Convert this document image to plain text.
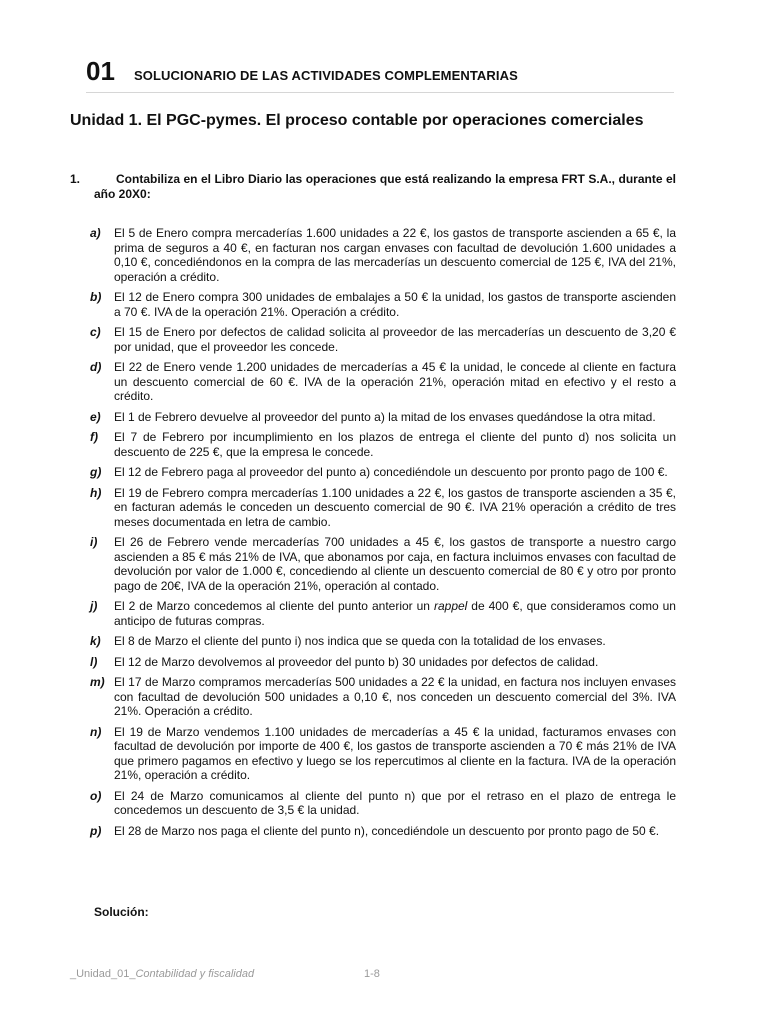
01 SOLUCIONARIO DE LAS ACTIVIDADES COMPLEMENTARIAS
Unidad 1. El PGC-pymes. El proceso contable por operaciones comerciales
1.	Contabiliza en el Libro Diario las operaciones que está realizando la empresa FRT S.A., durante el año 20X0:
a)	El 5 de Enero compra mercaderías 1.600 unidades a 22 €, los gastos de transporte ascienden a 65 €, la prima de seguros a 40 €, en facturan nos cargan envases con facultad de devolución 1.600 unidades a 0,10 €, concediéndonos en la compra de las mercaderías un descuento comercial de 125 €, IVA del 21%, operación a crédito.
b)	El 12 de Enero compra 300 unidades de embalajes a 50 € la unidad, los gastos de transporte ascienden a 70 €. IVA de la operación 21%. Operación a crédito.
c)	El 15 de Enero por defectos de calidad solicita al proveedor de las mercaderías un descuento de 3,20 € por unidad, que el proveedor les concede.
d)	El 22 de Enero vende 1.200 unidades de mercaderías a 45 € la unidad, le concede al cliente en factura un descuento comercial de 60 €. IVA de la operación 21%, operación mitad en efectivo y el resto a crédito.
e)	El 1 de Febrero devuelve al proveedor del punto a) la mitad de los envases quedándose la otra mitad.
f)	El 7 de Febrero por incumplimiento en los plazos de entrega el cliente del punto d) nos solicita un descuento de 225 €, que la empresa le concede.
g)	El 12 de Febrero paga al proveedor del punto a) concediéndole un descuento por pronto pago de 100 €.
h)	El 19 de Febrero compra mercaderías 1.100 unidades a 22 €, los gastos de transporte ascienden a 35 €, en facturan además le conceden un descuento comercial de 90 €. IVA 21% operación a crédito de tres meses documentada en letra de cambio.
i)	El 26 de Febrero vende mercaderías 700 unidades a 45 €, los gastos de transporte a nuestro cargo ascienden a 85 € más 21% de IVA, que abonamos por caja, en factura incluimos envases con facultad de devolución por valor de 1.000 €, concediendo al cliente un descuento comercial de 80 € y otro por pronto pago de 20€, IVA de la operación 21%, operación al contado.
j)	El 2 de Marzo concedemos al cliente del punto anterior un rappel de 400 €, que consideramos como un anticipo de futuras compras.
k)	El 8 de Marzo el cliente del punto i) nos indica que se queda con la totalidad de los envases.
l)	El 12 de Marzo devolvemos al proveedor del punto b) 30 unidades por defectos de calidad.
m) El 17 de Marzo compramos mercaderías 500 unidades a 22 € la unidad, en factura nos incluyen envases con facultad de devolución 500 unidades a 0,10 €, nos conceden un descuento comercial del 3%. IVA 21%. Operación a crédito.
n)	El 19 de Marzo vendemos 1.100 unidades de mercaderías a 45 € la unidad, facturamos envases con facultad de devolución por importe de 400 €, los gastos de transporte ascienden a 70 € más 21% de IVA que primero pagamos en efectivo y luego se los repercutimos al cliente en la factura. IVA de la operación 21%, operación a crédito.
o)	El 24 de Marzo comunicamos al cliente del punto n) que por el retraso en el plazo de entrega le concedemos un descuento de 3,5 € la unidad.
p)	El 28 de Marzo nos paga el cliente del punto n), concediéndole un descuento por pronto pago de 50 €.
Solución:
_Unidad_01_Contabilidad y fiscalidad	1-8
